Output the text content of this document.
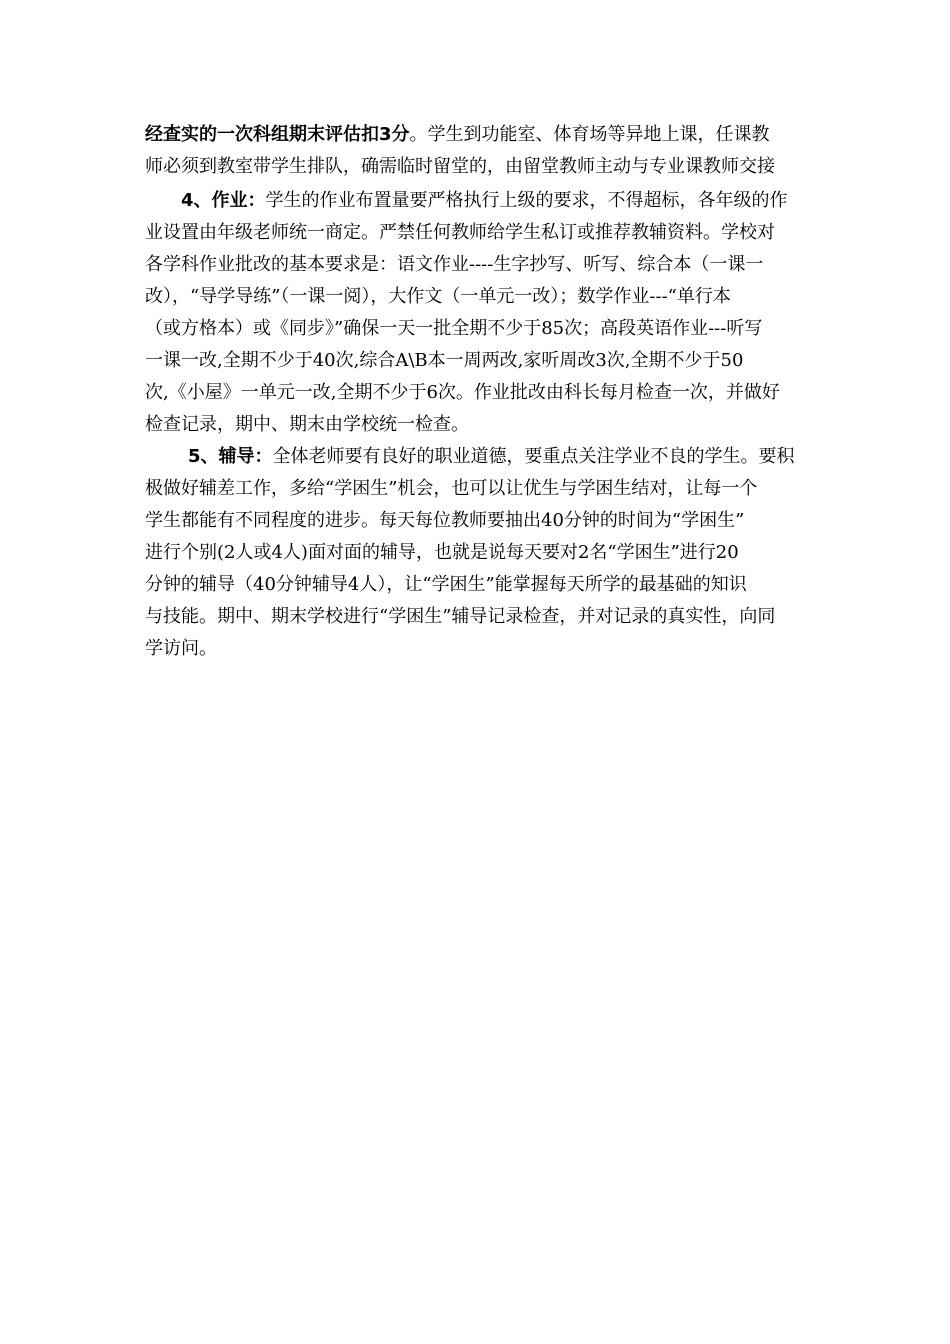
经查实的一次科组期末评估扣3分。学生到功能室、体育场等异地上课，任课教
师必须到教室带学生排队，确需临时留堂的，由留堂教师主动与专业课教师交接
4、作业：学生的作业布置量要严格执行上级的要求，不得超标，各年级的作
业设置由年级老师统一商定。严禁任何教师给学生私订或推荐教辅资料。学校对
各学科作业批改的基本要求是：语文作业----生字抄写、听写、综合本（一课一
改），“导学导练”（一课一阅），大作文（一单元一改）；数学作业---“单行本
（或方格本）或《同步》”确保一天一批全期不少于85次；高段英语作业---听写
一课一改,全期不少于40次,综合A\B本一周两改,家听周改3次,全期不少于50
次,《小屋》一单元一改,全期不少于6次。作业批改由科长每月检查一次，并做好
检查记录，期中、期末由学校统一检查。
5、辅导：全体老师要有良好的职业道德，要重点关注学业不良的学生。要积
极做好辅差工作，多给“学困生”机会，也可以让优生与学困生结对，让每一个
学生都能有不同程度的进步。每天每位教师要抽出40分钟的时间为“学困生”
进行个别(2人或4人)面对面的辅导，也就是说每天要对2名“学困生”进行20
分钟的辅导（40分钟辅导4人），让“学困生”能掌握每天所学的最基础的知识
与技能。期中、期末学校进行“学困生”辅导记录检查，并对记录的真实性，向同
学访问。
